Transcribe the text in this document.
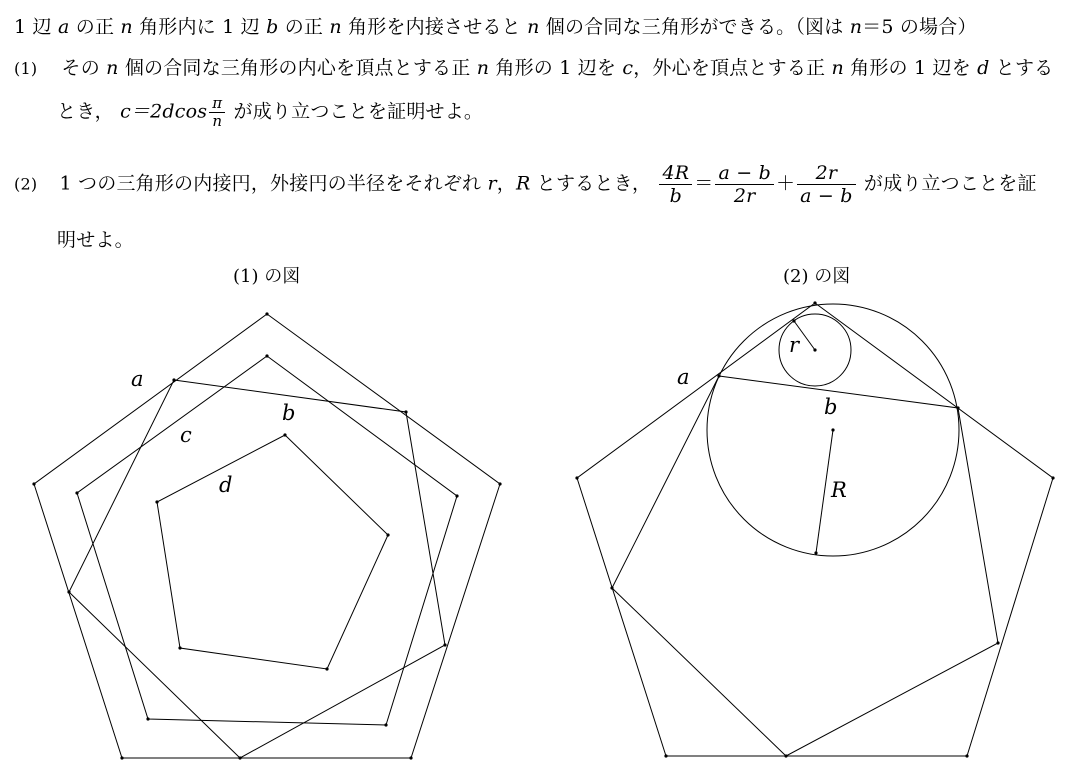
1 辺 a の正 n 角形内に 1 辺 b の正 n 角形を内接させると n 個の合同な三角形ができる。（図は n＝5 の場合）
(1) その n 個の合同な三角形の内心を頂点とする正 n 角形の 1 辺を c，外心を頂点とする正 n 角形の 1 辺を d とする
とき， $c=2dcos \frac{\pi}{n}$ が成り立つことを証明せよ。
(2) 1 つの三角形の内接円，外接円の半径をそれぞれ r，R とするとき， $\frac{4R}{b} = \frac{a - b}{2r} + \frac{2r}{a - b}$ が成り立つことを証
明せよ。
(1) の図	(2) の図
a
b
c
d
a
b
r
R
